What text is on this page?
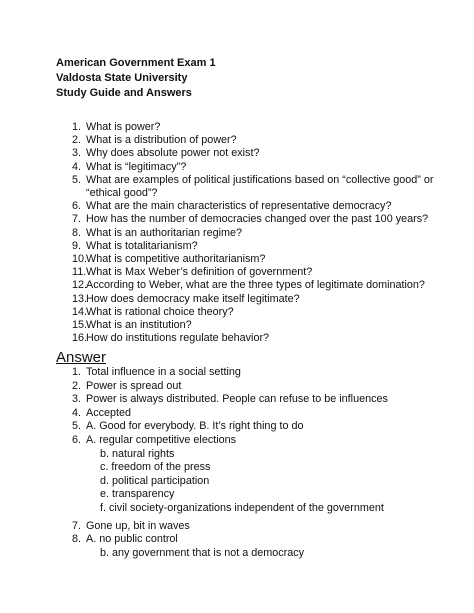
American Government Exam 1
Valdosta State University
Study Guide and Answers
1. What is power?
2. What is a distribution of power?
3. Why does absolute power not exist?
4. What is “legitimacy”?
5. What are examples of political justifications based on “collective good” or
“ethical good”?
6. What are the main characteristics of representative democracy?
7. How has the number of democracies changed over the past 100 years?
8. What is an authoritarian regime?
9. What is totalitarianism?
10.
What is competitive authoritarianism?
11. What is Max Weber’s definition of government?
12.
According to Weber, what are the three types of legitimate domination?
13.
How does democracy make itself legitimate?
14.
What is rational choice theory?
15.
What is an institution?
16.
How do institutions regulate behavior?
Answer
1. Total influence in a social setting
2. Power is spread out
3. Power is always distributed. People can refuse to be influences
4. Accepted
5. A. Good for everybody. B. It’s right thing to do
6. A. regular competitive elections
b. natural rights
c. freedom of the press
d. political participation
e. transparency
f. civil society-organizations independent of the government
7. Gone up, bit in waves
8. A. no public control
b. any government that is not a democracy
